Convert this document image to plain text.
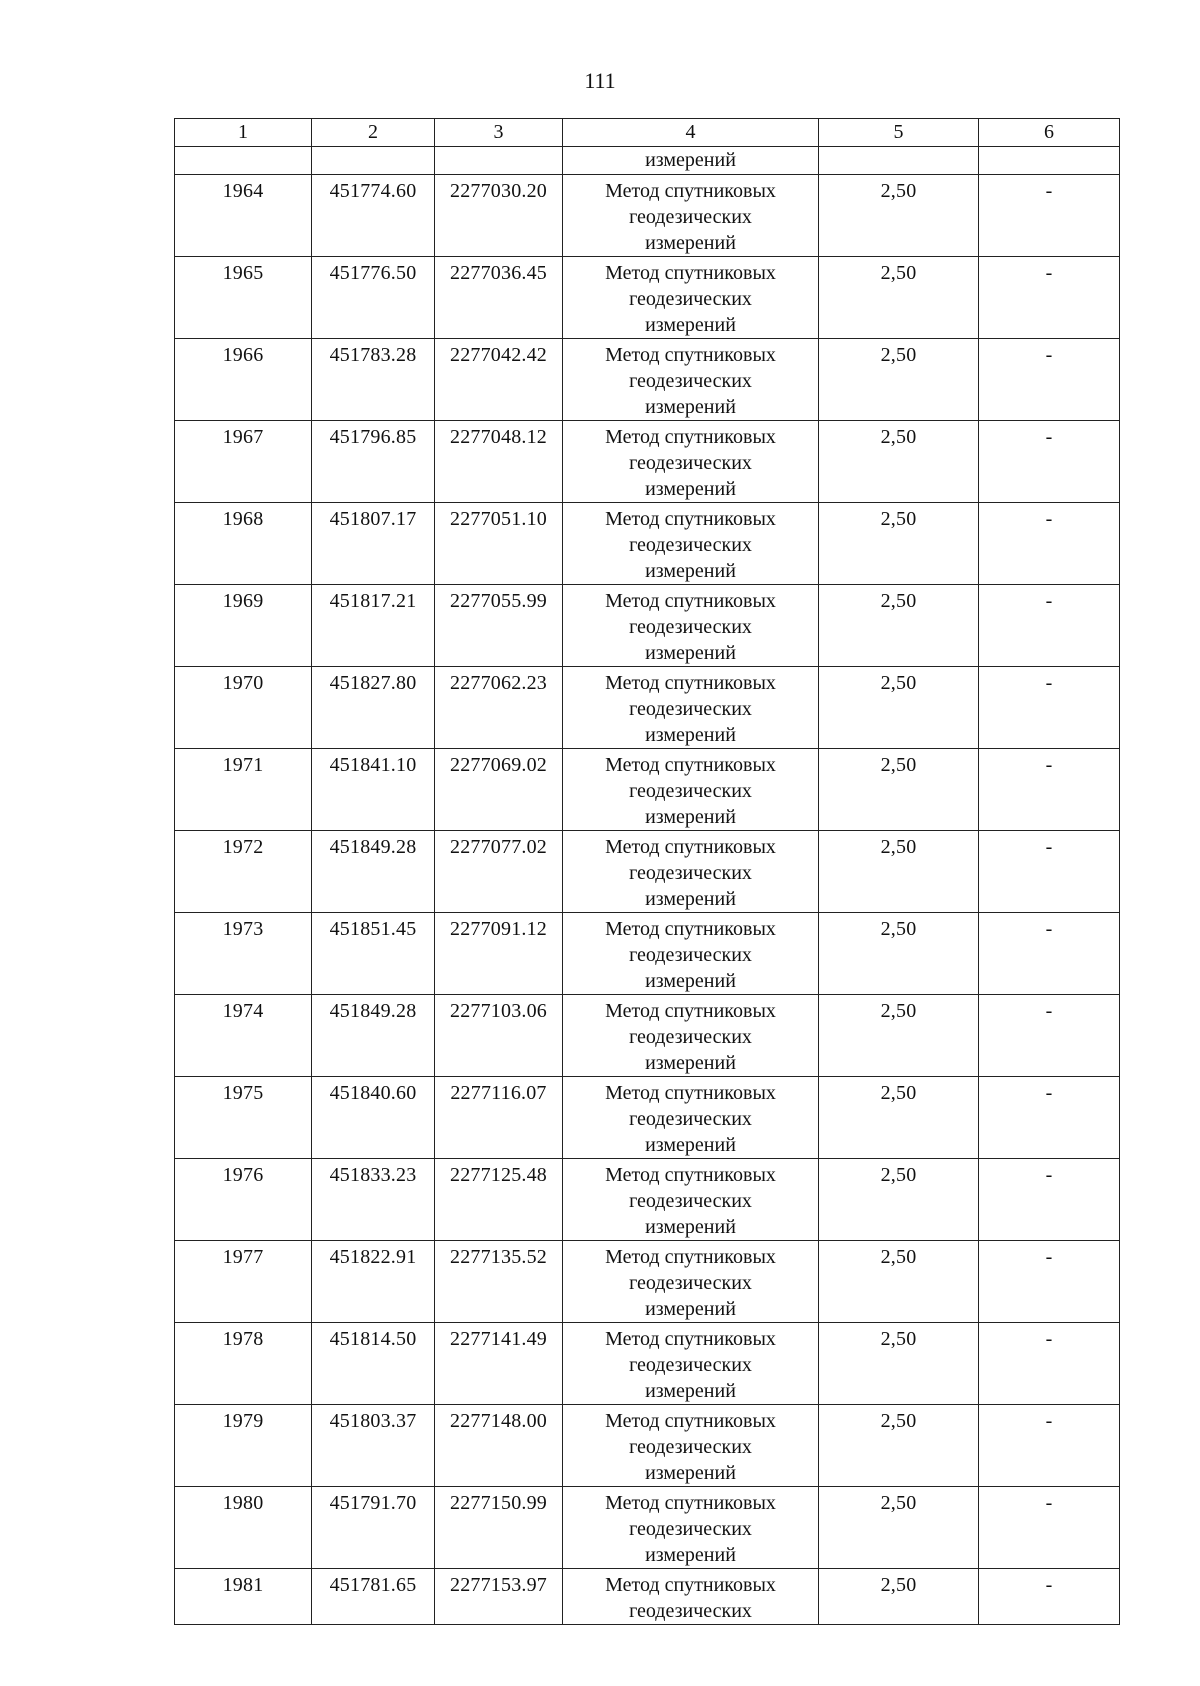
111
1	2	3	4	5	6

			измерений		

1964	451774.60	2277030.20	Метод спутниковых
геодезических
измерений	2,50	-
1965	451776.50	2277036.45	Метод спутниковых
геодезических
измерений	2,50	-
1966	451783.28	2277042.42	Метод спутниковых
геодезических
измерений	2,50	-
1967	451796.85	2277048.12	Метод спутниковых
геодезических
измерений	2,50	-
1968	451807.17	2277051.10	Метод спутниковых
геодезических
измерений	2,50	-
1969	451817.21	2277055.99	Метод спутниковых
геодезических
измерений	2,50	-
1970	451827.80	2277062.23	Метод спутниковых
геодезических
измерений	2,50	-
1971	451841.10	2277069.02	Метод спутниковых
геодезических
измерений	2,50	-
1972	451849.28	2277077.02	Метод спутниковых
геодезических
измерений	2,50	-
1973	451851.45	2277091.12	Метод спутниковых
геодезических
измерений	2,50	-
1974	451849.28	2277103.06	Метод спутниковых
геодезических
измерений	2,50	-
1975	451840.60	2277116.07	Метод спутниковых
геодезических
измерений	2,50	-
1976	451833.23	2277125.48	Метод спутниковых
геодезических
измерений	2,50	-
1977	451822.91	2277135.52	Метод спутниковых
геодезических
измерений	2,50	-
1978	451814.50	2277141.49	Метод спутниковых
геодезических
измерений	2,50	-
1979	451803.37	2277148.00	Метод спутниковых
геодезических
измерений	2,50	-
1980	451791.70	2277150.99	Метод спутниковых
геодезических
измерений	2,50	-
1981	451781.65	2277153.97	Метод спутниковых
геодезических	2,50	-
